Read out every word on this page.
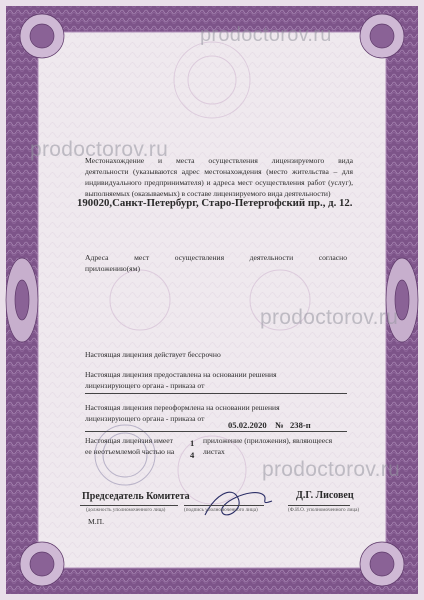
prodoctorov.ru
prodoctorov.ru
prodoctorov.ru
prodoctorov.ru
Местонахождение и места осуществления лицензируемого вида
деятельности (указываются адрес местонахождения (место жительства – для
индивидуального предпринимателя) и адреса мест осуществления работ (услуг),
выполняемых (оказываемых) в составе лицензируемого вида деятельности)
190020,Санкт-Петербург, Старо-Петергофский пр., д. 12.
Адреса мест осуществления деятельности согласно
приложению(ям)
Настоящая лицензия действует бессрочно
Настоящая лицензия предоставлена на основании решения
лицензирующего органа - приказа от
Настоящая лицензия переоформлена на основании решения
лицензирующего органа - приказа от
05.02.2020 № 238-п
Настоящая лицензия имеет 1 приложение (приложения), являющееся
ее неотъемлемой частью на 4 листах
Председатель Комитета
(должность уполномоченного лица)	(подпись уполномоченного лица)
Д.Г. Лисовец
(Ф.И.О. уполномоченного лица)
М.П.
